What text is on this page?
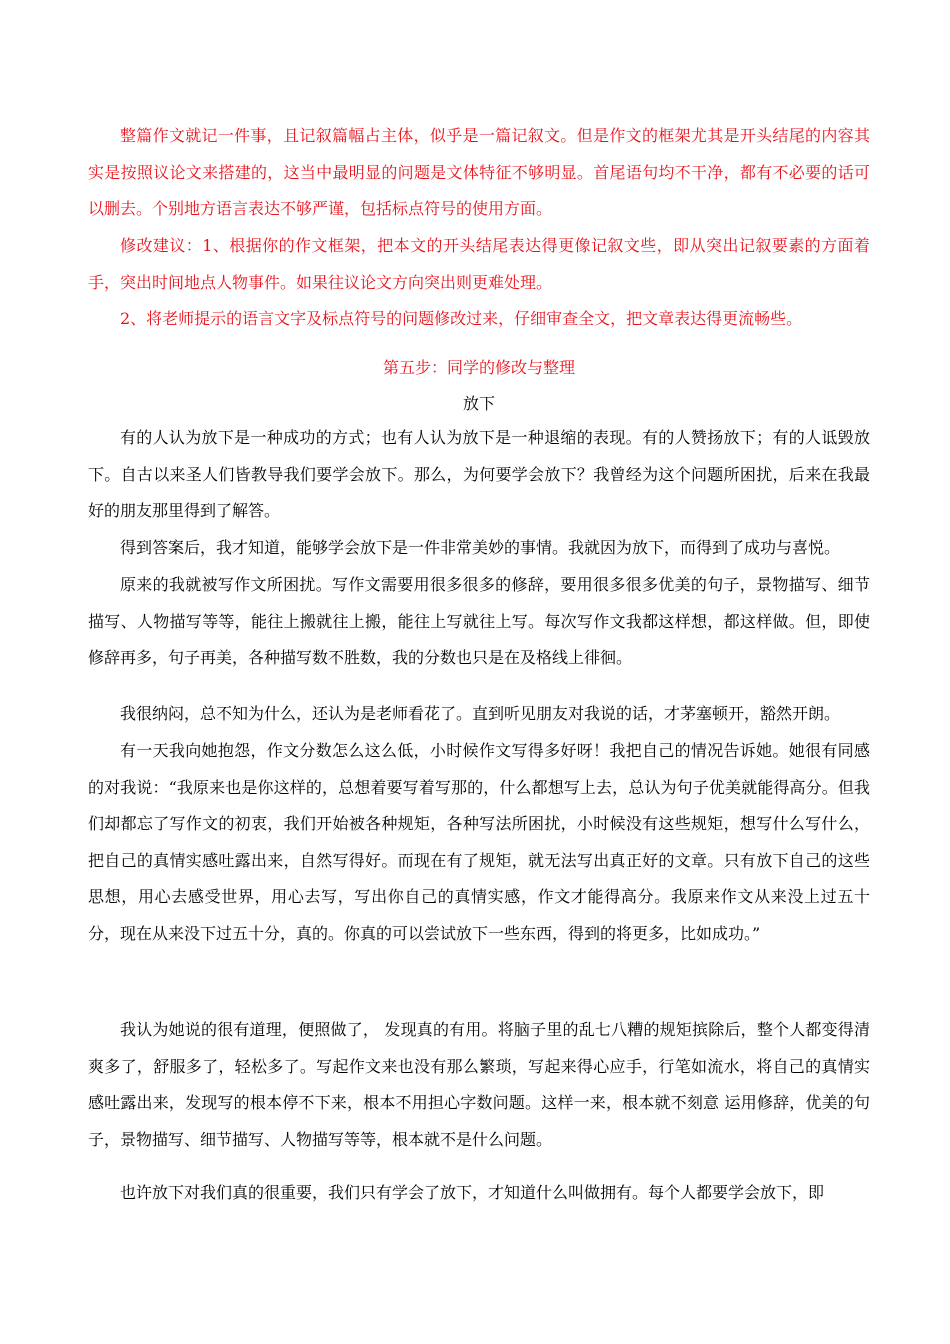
整篇作文就记一件事，且记叙篇幅占主体，似乎是一篇记叙文。但是作文的框架尤其是开头结尾的内容其实是按照议论文来搭建的，这当中最明显的问题是文体特征不够明显。首尾语句均不干净，都有不必要的话可以删去。个别地方语言表达不够严谨，包括标点符号的使用方面。

修改建议：1、根据你的作文框架，把本文的开头结尾表达得更像记叙文些，即从突出记叙要素的方面着手，突出时间地点人物事件。如果往议论文方向突出则更难处理。

2、将老师提示的语言文字及标点符号的问题修改过来，仔细审查全文，把文章表达得更流畅些。

第五步：同学的修改与整理

放下

有的人认为放下是一种成功的方式；也有人认为放下是一种退缩的表现。有的人赞扬放下；有的人诋毁放下。自古以来圣人们皆教导我们要学会放下。那么，为何要学会放下？我曾经为这个问题所困扰，后来在我最好的朋友那里得到了解答。

得到答案后，我才知道，能够学会放下是一件非常美妙的事情。我就因为放下，而得到了成功与喜悦。

原来的我就被写作文所困扰。写作文需要用很多很多的修辞，要用很多很多优美的句子，景物描写、细节描写、人物描写等等，能往上搬就往上搬，能往上写就往上写。每次写作文我都这样想，都这样做。但，即使修辞再多，句子再美，各种描写数不胜数，我的分数也只是在及格线上徘徊。

我很纳闷，总不知为什么，还认为是老师看花了。直到听见朋友对我说的话，才茅塞顿开，豁然开朗。

有一天我向她抱怨，作文分数怎么这么低，小时候作文写得多好呀！我把自己的情况告诉她。她很有同感的对我说：“我原来也是你这样的，总想着要写着写那的，什么都想写上去，总认为句子优美就能得高分。但我们却都忘了写作文的初衷，我们开始被各种规矩，各种写法所困扰，小时候没有这些规矩，想写什么写什么，把自己的真情实感吐露出来，自然写得好。而现在有了规矩，就无法写出真正好的文章。只有放下自己的这些思想，用心去感受世界，用心去写，写出你自己的真情实感，作文才能得高分。我原来作文从来没上过五十分，现在从来没下过五十分，真的。你真的可以尝试放下一些东西，得到的将更多，比如成功。”

我认为她说的很有道理，便照做了， 发现真的有用。将脑子里的乱七八糟的规矩摈除后，整个人都变得清爽多了，舒服多了，轻松多了。写起作文来也没有那么繁琐，写起来得心应手，行笔如流水，将自己的真情实感吐露出来，发现写的根本停不下来，根本不用担心字数问题。这样一来，根本就不刻意 运用修辞，优美的句子，景物描写、细节描写、人物描写等等，根本就不是什么问题。

也许放下对我们真的很重要，我们只有学会了放下，才知道什么叫做拥有。每个人都要学会放下，即
